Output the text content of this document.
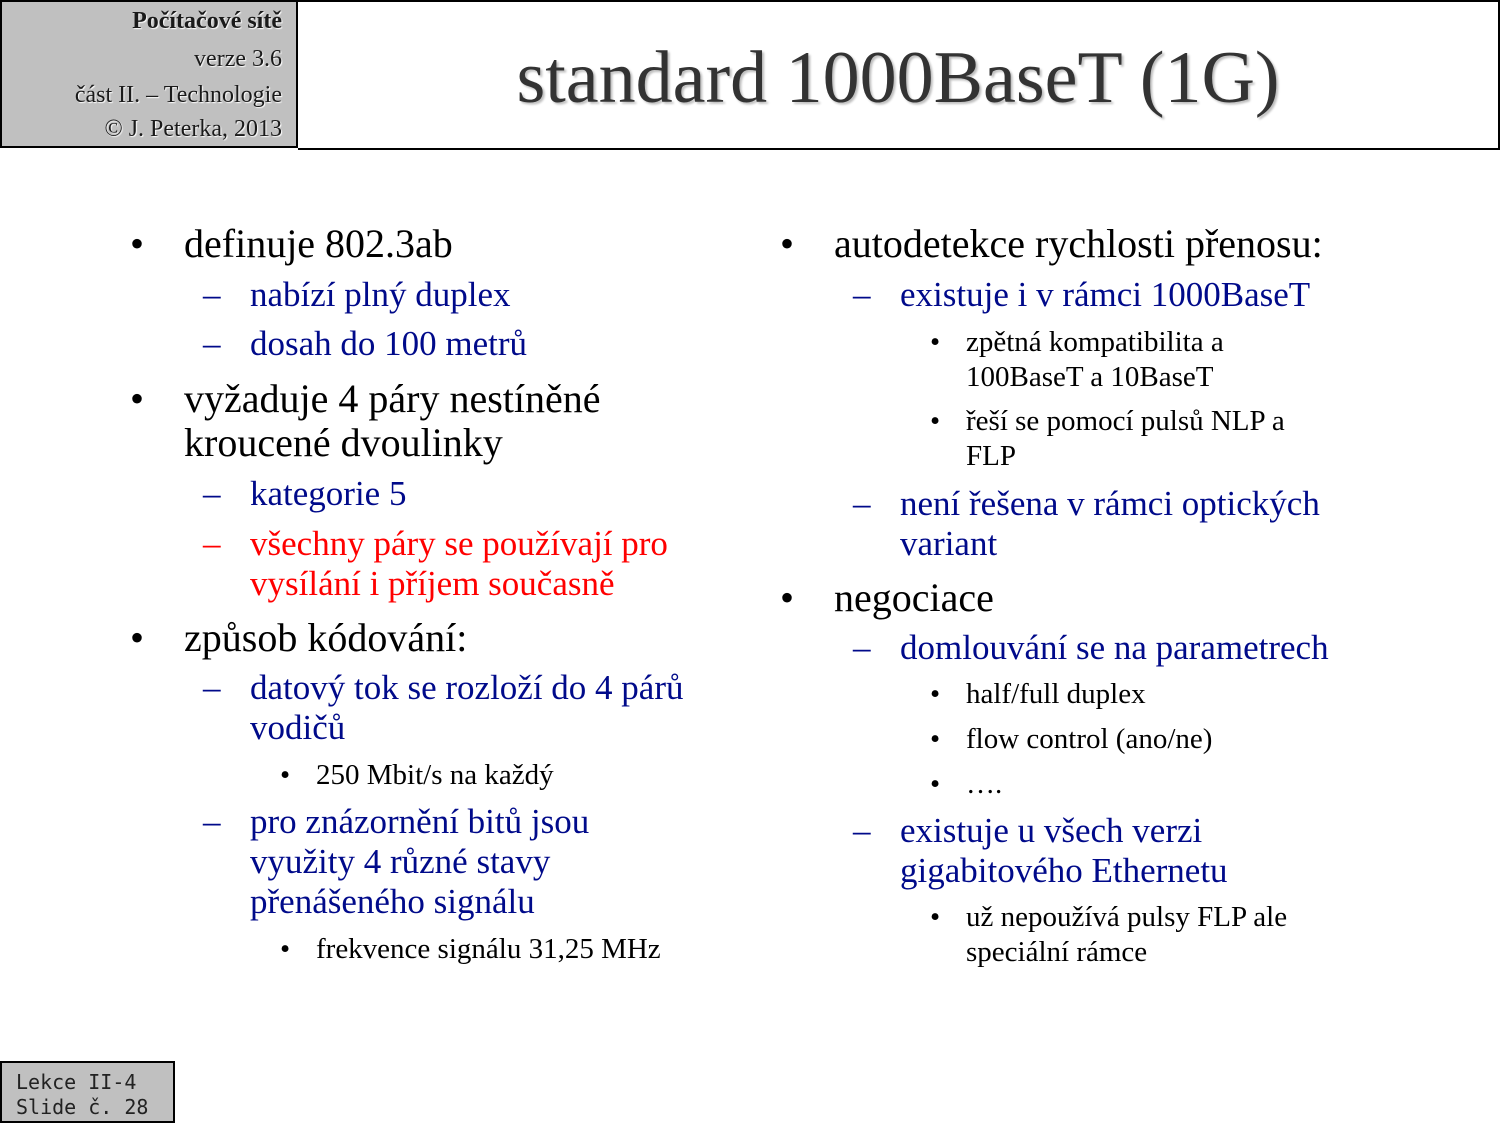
Počítačové sítě
verze 3.6
část II. – Technologie
© J. Peterka, 2013
standard 1000BaseT (1G)
• definuje 802.3ab
– nabízí plný duplex
– dosah do 100 metrů
• vyžaduje 4 páry nestíněné
kroucené dvoulinky
– kategorie 5
– všechny páry se používají pro
vysílání i příjem současně
• způsob kódování:
– datový tok se rozloží do 4 párů
vodičů
• 250 Mbit/s na každý
– pro znázornění bitů jsou
využity 4 různé stavy
přenášeného signálu
• frekvence signálu 31,25 MHz
• autodetekce rychlosti přenosu:
– existuje i v rámci 1000BaseT
• zpětná kompatibilita a
100BaseT a 10BaseT
• řeší se pomocí pulsů NLP a
FLP
– není řešena v rámci optických
variant
• negociace
– domlouvání se na parametrech
• half/full duplex
• flow control (ano/ne)
• ….
– existuje u všech verzi
gigabitového Ethernetu
• už nepoužívá pulsy FLP ale
speciální rámce
Lekce II-4
Slide č. 28
